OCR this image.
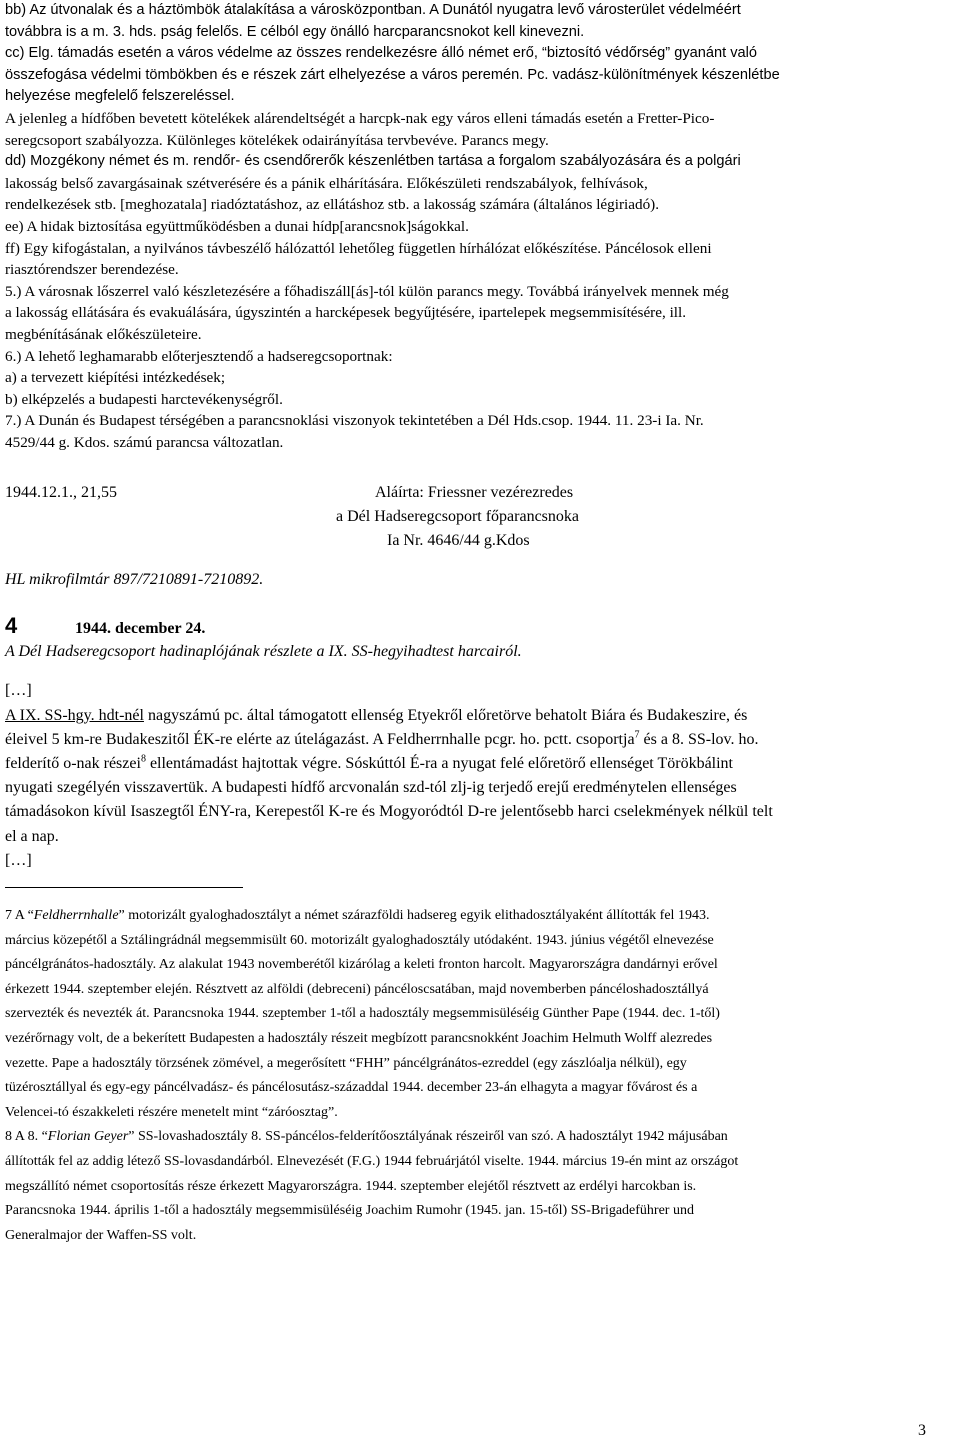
bb) Az útvonalak és a háztömbök átalakítása a városközpontban. A Dunától nyugatra levő városterület védelméért

továbbra is a m. 3. hds. pság felelős. E célból egy önálló harcparancsnokot kell kinevezni.

cc) Elg. támadás esetén a város védelme az összes rendelkezésre álló német erő, “biztosító védőrség” gyanánt való

összefogása védelmi tömbökben és e részek zárt elhelyezése a város peremén. Pc. vadász-különítmények készenlétbe

helyezése megfelelő felszereléssel.

A jelenleg a hídfőben bevetett kötelékek alárendeltségét a harcpk-nak egy város elleni támadás esetén a Fretter-Pico-

seregcsoport szabályozza. Különleges kötelékek odairányítása tervbevéve. Parancs megy.

dd) Mozgékony német és m. rendőr- és csendőrerők készenlétben tartása a forgalom szabályozására és a polgári

lakosság belső zavargásainak szétverésére és a pánik elhárítására. Előkészületi rendszabályok, felhívások,

rendelkezések stb. [meghozatala] riadóztatáshoz, az ellátáshoz stb. a lakosság számára (általános légiriadó).

ee) A hidak biztosítása együttműködésben a dunai hídp[arancsnok]ságokkal.

ff) Egy kifogástalan, a nyilvános távbeszélő hálózattól lehetőleg független hírhálózat előkészítése. Páncélosok elleni

riasztórendszer berendezése.

5.) A városnak lőszerrel való készletezésére a főhadiszáll[ás]-tól külön parancs megy. Továbbá irányelvek mennek még

a lakosság ellátására és evakuálására, úgyszintén a harcképesek begyűjtésére, ipartelepek megsemmisítésére, ill.

megbénításának előkészületeire.

6.) A lehető leghamarabb előterjesztendő a hadseregcsoportnak:

a) a tervezett kiépítési intézkedések;

b) elképzelés a budapesti harctevékenységről.

7.) A Dunán és Budapest térségében a parancsnoklási viszonyok tekintetében a Dél Hds.csop. 1944. 11. 23-i Ia. Nr.

4529/44 g. Kdos. számú parancsa változatlan.

1944.12.1., 21,55	Aláírta: Friessner vezérezredes
a Dél Hadseregcsoport főparancsnoka
Ia Nr. 4646/44 g.Kdos

HL mikrofilmtár 897/7210891-7210892.

4	1944. december 24.

A Dél Hadseregcsoport hadinaplójának részlete a IX. SS-hegyihadtest harcairól.

[…]

A IX. SS-hgy. hdt-nél nagyszámú pc. által támogatott ellenség Etyekről előretörve behatolt Biára és Budakeszire, és

éleivel 5 km-re Budakeszitől ÉK-re elérte az útelágazást. A Feldherrnhalle pcgr. ho. pctt. csoportja$^7$ és a 8. SS-lov. ho.

felderítő o-nak részei$^8$ ellentámadást hajtottak végre. Sóskúttól É-ra a nyugat felé előretörő ellenséget Törökbálint

nyugati szegélyén visszavertük. A budapesti hídfő arcvonalán szd-tól zlj-ig terjedő erejű eredménytelen ellenséges

támadásokon kívül Isaszegtől ÉNY-ra, Kerepestől K-re és Mogyoródtól D-re jelentősebb harci cselekmények nélkül telt

el a nap.

[…]

7 A “Feldherrnhalle” motorizált gyaloghadosztályt a német szárazföldi hadsereg egyik elithadosztályaként állították fel 1943.

március közepétől a Sztálingrádnál megsemmisült 60. motorizált gyaloghadosztály utódaként. 1943. június végétől elnevezése

páncélgránátos-hadosztály. Az alakulat 1943 novemberétől kizárólag a keleti fronton harcolt. Magyarországra dandárnyi erővel

érkezett 1944. szeptember elején. Résztvett az alföldi (debreceni) páncéloscsatában, majd novemberben páncéloshadosztállyá

szervezték és nevezték át. Parancsnoka 1944. szeptember 1-től a hadosztály megsemmisüléséig Günther Pape (1944. dec. 1-től)

vezérőrnagy volt, de a bekerített Budapesten a hadosztály részeit megbízott parancsnokként Joachim Helmuth Wolff alezredes

vezette. Pape a hadosztály törzsének zömével, a megerősített “FHH” páncélgránátos-ezreddel (egy zászlóalja nélkül), egy

tüzérosztállyal és egy-egy páncélvadász- és páncélosutász-századdal 1944. december 23-án elhagyta a magyar fővárost és a

Velencei-tó északkeleti részére menetelt mint “záróosztag”.

8 A 8. “Florian Geyer” SS-lovashadosztály 8. SS-páncélos-felderítőosztályának részeiről van szó. A hadosztályt 1942 májusában

állították fel az addig létező SS-lovasdandárból. Elnevezését (F.G.) 1944 februárjától viselte. 1944. március 19-én mint az országot

megszállító német csoportosítás része érkezett Magyarországra. 1944. szeptember elejétől résztvett az erdélyi harcokban is.

Parancsnoka 1944. április 1-től a hadosztály megsemmisüléséig Joachim Rumohr (1945. jan. 15-től) SS-Brigadeführer und

Generalmajor der Waffen-SS volt.

3
